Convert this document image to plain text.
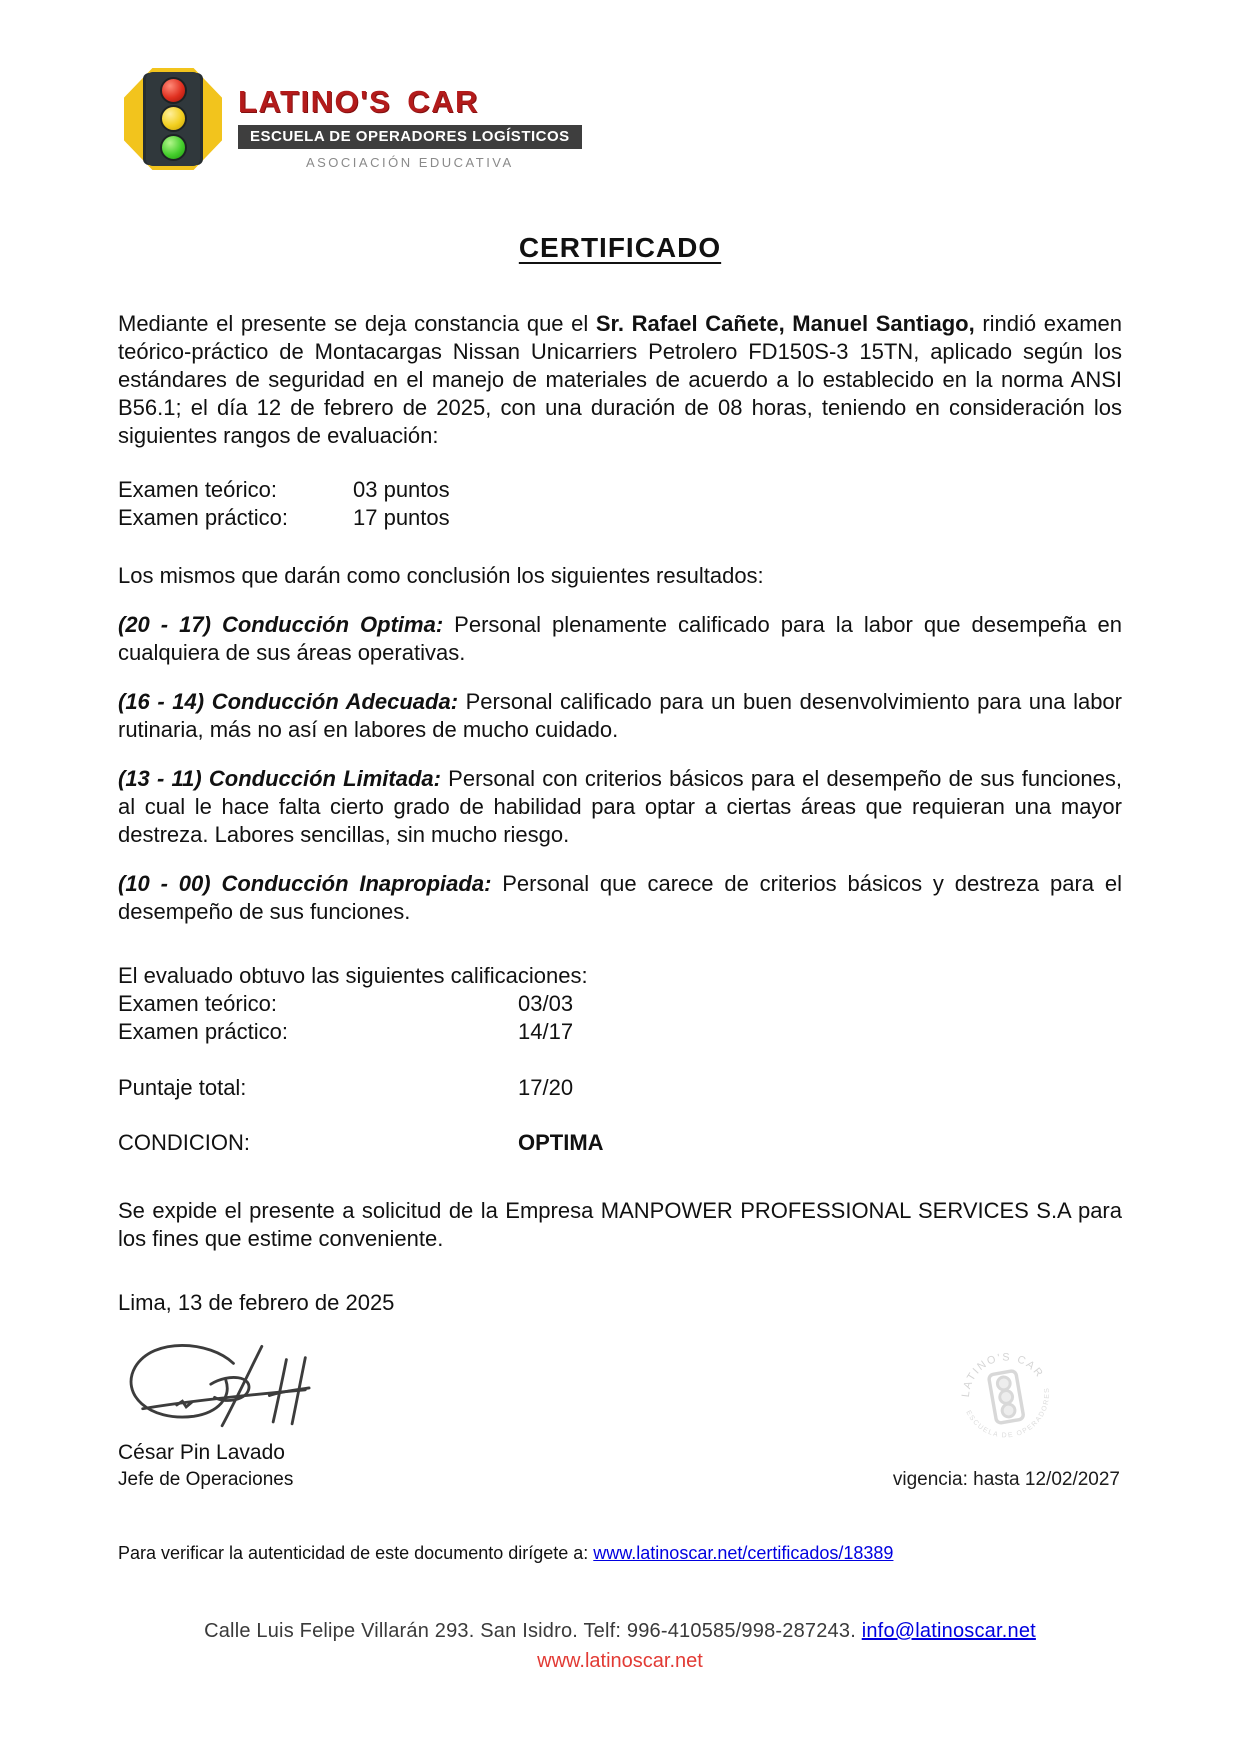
LATINO'S CAR
ESCUELA DE OPERADORES LOGÍSTICOS
ASOCIACIÓN EDUCATIVA
CERTIFICADO

Mediante el presente se deja constancia que el Sr. Rafael Cañete, Manuel Santiago, rindió examen teórico-práctico de Montacargas Nissan Unicarriers Petrolero FD150S-3 15TN, aplicado según los estándares de seguridad en el manejo de materiales de acuerdo a lo establecido en la norma ANSI B56.1; el día 12 de febrero de 2025, con una duración de 08 horas, teniendo en consideración los siguientes rangos de evaluación:

Examen teórico:	03 puntos
Examen práctico:	17 puntos

Los mismos que darán como conclusión los siguientes resultados:

(20 - 17) Conducción Optima: Personal plenamente calificado para la labor que desempeña en cualquiera de sus áreas operativas.

(16 - 14) Conducción Adecuada: Personal calificado para un buen desenvolvimiento para una labor rutinaria, más no así en labores de mucho cuidado.

(13 - 11) Conducción Limitada: Personal con criterios básicos para el desempeño de sus funciones, al cual le hace falta cierto grado de habilidad para optar a ciertas áreas que requieran una mayor destreza. Labores sencillas, sin mucho riesgo.

(10 - 00) Conducción Inapropiada: Personal que carece de criterios básicos y destreza para el desempeño de sus funciones.

El evaluado obtuvo las siguientes calificaciones:
Examen teórico:	03/03
Examen práctico:	14/17
Puntaje total:	17/20
CONDICION:	OPTIMA

Se expide el presente a solicitud de la Empresa MANPOWER PROFESSIONAL SERVICES S.A para los fines que estime conveniente.

Lima, 13 de febrero de 2025

César Pin Lavado
Jefe de Operaciones
LATINO'S CAR
ESCUELA DE OPERADORES
vigencia: hasta 12/02/2027
Para verificar la autenticidad de este documento dirígete a: www.latinoscar.net/certificados/18389
Calle Luis Felipe Villarán 293. San Isidro. Telf: 996-410585/998-287243. info@latinoscar.net
www.latinoscar.net
